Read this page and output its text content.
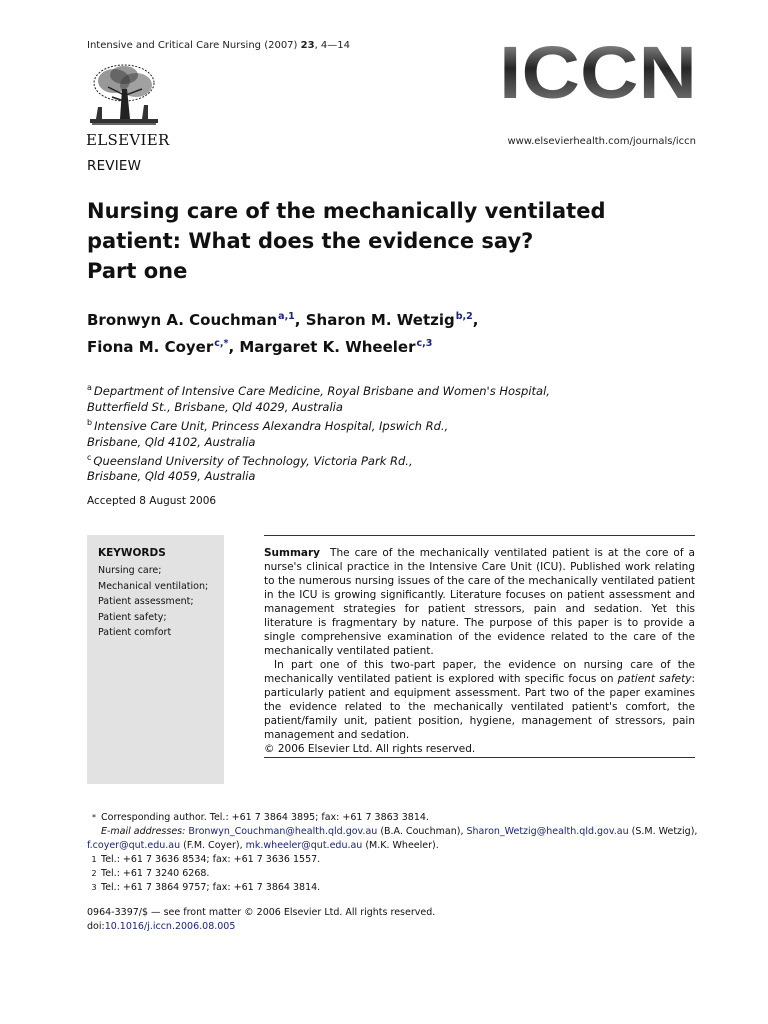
Intensive and Critical Care Nursing (2007) 23, 4—14
ELSEVIER
ICCN
www.elsevierhealth.com/journals/iccn
REVIEW
Nursing care of the mechanically ventilated
patient: What does the evidence say?
Part one
Bronwyn A. Couchman$^{a,1}$, Sharon M. Wetzig$^{b,2}$,
Fiona M. Coyer$^{c,*}$, Margaret K. Wheeler$^{c,3}$
$^a$ Department of Intensive Care Medicine, Royal Brisbane and Women's Hospital,
Butterfield St., Brisbane, Qld 4029, Australia
$^b$ Intensive Care Unit, Princess Alexandra Hospital, Ipswich Rd.,
Brisbane, Qld 4102, Australia
$^c$ Queensland University of Technology, Victoria Park Rd.,
Brisbane, Qld 4059, Australia
Accepted 8 August 2006
KEYWORDS
Nursing care;
Mechanical ventilation;
Patient assessment;
Patient safety;
Patient comfort

Summary The care of the mechanically ventilated patient is at the core of a nurse's clinical practice in the Intensive Care Unit (ICU). Published work relating to the numerous nursing issues of the care of the mechanically ventilated patient in the ICU is growing significantly. Literature focuses on patient assessment and management strategies for patient stressors, pain and sedation. Yet this literature is fragmentary by nature. The purpose of this paper is to provide a single comprehensive examination of the evidence related to the care of the mechanically ventilated patient.

In part one of this two-part paper, the evidence on nursing care of the mechanically ventilated patient is explored with specific focus on patient safety: particularly patient and equipment assessment. Part two of the paper examines the evidence related to the mechanically ventilated patient's comfort, the patient/family unit, patient position, hygiene, management of stressors, pain management and sedation.

© 2006 Elsevier Ltd. All rights reserved.

* Corresponding author. Tel.: +61 7 3864 3895; fax: +61 7 3863 3814.
E-mail addresses: Bronwyn_Couchman@health.qld.gov.au (B.A. Couchman), Sharon_Wetzig@health.qld.gov.au (S.M. Wetzig),
f.coyer@qut.edu.au (F.M. Coyer), mk.wheeler@qut.edu.au (M.K. Wheeler).
1 Tel.: +61 7 3636 8534; fax: +61 7 3636 1557.
2 Tel.: +61 7 3240 6268.
3 Tel.: +61 7 3864 9757; fax: +61 7 3864 3814.
0964-3397/$ — see front matter © 2006 Elsevier Ltd. All rights reserved.
doi:10.1016/j.iccn.2006.08.005
